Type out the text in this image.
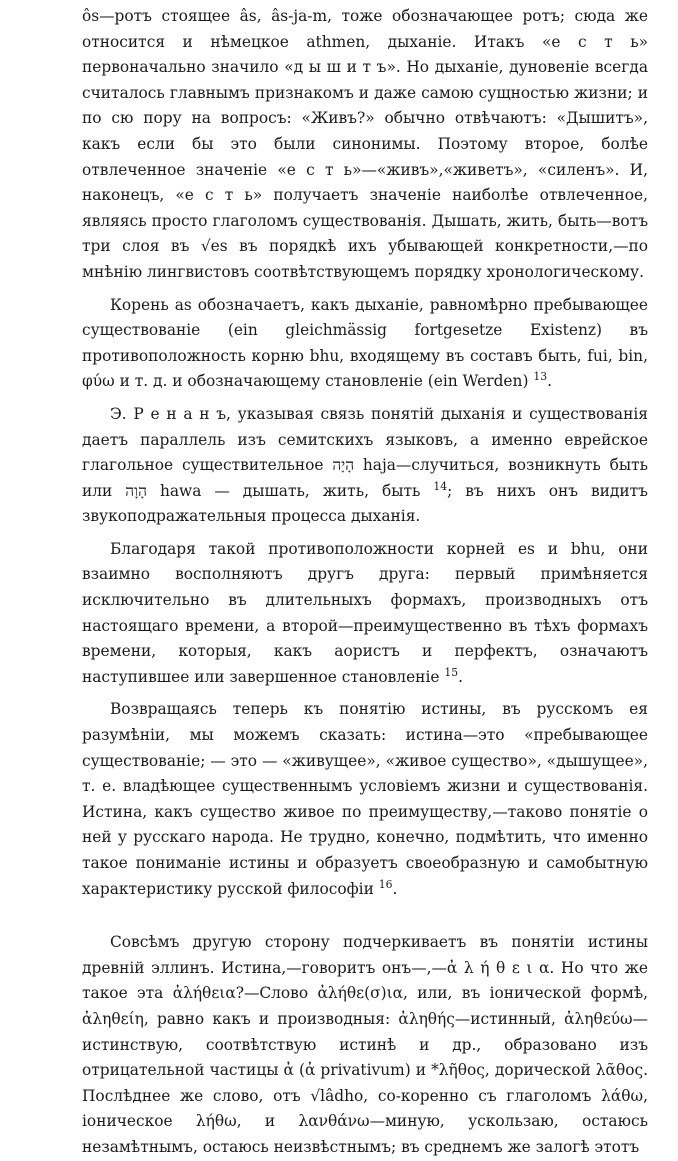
ôs—ротъ стоящее âs, âs-ja-m, тоже обозначающее ротъ; сюда же относится и нѣмецкое athmen, дыханіе. Итакъ «е с т ь» первоначально значило «д ы ш и т ъ». Но дыханіе, дуновеніе всегда считалось главнымъ признакомъ и даже самою сущностью жизни; и по сю пору на вопросъ: «Живъ?» обычно отвѣчаютъ: «Дышитъ», какъ если бы это были синонимы. Поэтому второе, болѣе отвлеченное значеніе «е с т ь»—«живъ»,«живетъ», «силенъ». И, наконецъ, «е с т ь» получаетъ значеніе наиболѣе отвлеченное, являясь просто глаголомъ существованія. Дышать, жить, быть—вотъ три слоя въ √es въ порядкѣ ихъ убывающей конкретности,—по мнѣнію лингвистовъ соотвѣтствующемъ порядку хронологическому.

Корень as обозначаетъ, какъ дыханіе, равномѣрно пребывающее существованіе (ein gleichmässig fortgesetze Existenz) въ противоположность корню bhu, входящему въ составъ быть, fui, bin, φύω и т. д. и обозначающему становленіе (ein Werden) $^{13}$.

Э. Р е н а н ъ, указывая связь понятій дыханія и существованія даетъ параллель изъ семитскихъ языковъ, а именно еврейское глагольное существительное הָיָה haja—случиться, возникнуть быть или הָוָה hawa — дышать, жить, быть $^{14}$; въ нихъ онъ видитъ звукоподражательныя процесса дыханія.

Благодаря такой противоположности корней es и bhu, они взаимно восполняютъ другъ друга: первый примѣняется исключительно въ длительныхъ формахъ, производныхъ отъ настоящаго времени, а второй—преимущественно въ тѣхъ формахъ времени, которыя, какъ аористъ и перфектъ, означаютъ наступившее или завершенное становленіе $^{15}$.

Возвращаясь теперь къ понятію истины, въ русскомъ ея разумѣніи, мы можемъ сказать: истина—это «пребывающее существованіе; — это — «живущее», «живое существо», «дышущее», т. е. владѣющее существеннымъ условіемъ жизни и существованія. Истина, какъ существо живое по преимуществу,—таково понятіе о ней у русскаго народа. Не трудно, конечно, подмѣтить, что именно такое пониманіе истины и образуетъ своеобразную и самобытную характеристику русской философіи $^{16}$.

Совсѣмъ другую сторону подчеркиваетъ въ понятіи истины древній эллинъ. Истина,—говоритъ онъ—,—ἀ λ ή θ ε ι α. Но что же такое эта ἀλήθεια?—Слово ἀλήθε(σ)ια, или, въ іонической формѣ, ἀληθείη, равно какъ и производныя: ἀληθής—истинный, ἀληθεύω—истинствую, соотвѣтствую истинѣ и др., образовано изъ отрицательной частицы ἀ (ἀ privativum) и *λῆθος, дорической λᾶθος. Послѣднее же слово, отъ √lâdho, со-коренно съ глаголомъ λάθω, іоническое λήθω, и λανθάνω—миную, ускользаю, остаюсь незамѣтнымъ, остаюсь неизвѣстнымъ; въ среднемъ же залогѣ этотъ
